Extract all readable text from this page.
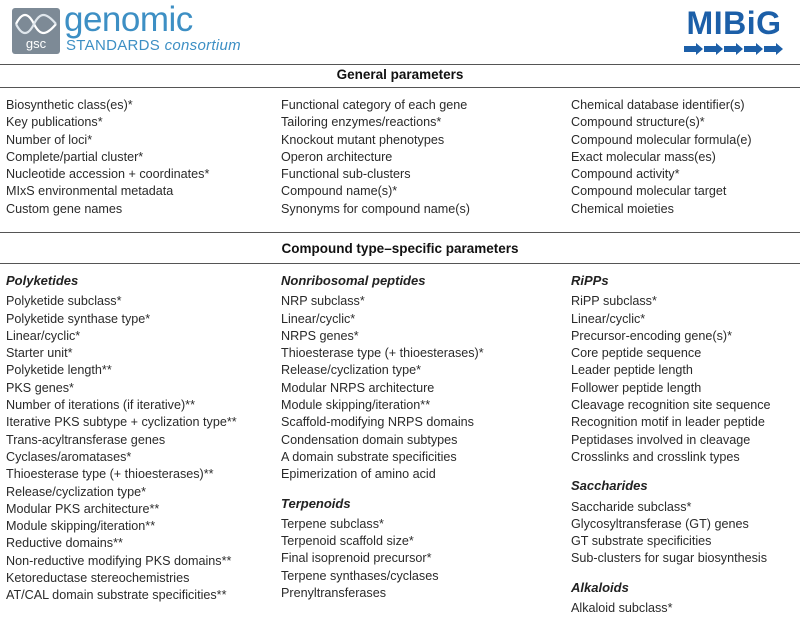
gsc
genomic
STANDARDS consortium
MIBiG
General parameters
Biosynthetic class(es)*
Key publications*
Number of loci*
Complete/partial cluster*
Nucleotide accession + coordinates*
MIxS environmental metadata
Custom gene names
Functional category of each gene
Tailoring enzymes/reactions*
Knockout mutant phenotypes
Operon architecture
Functional sub-clusters
Compound name(s)*
Synonyms for compound name(s)
Chemical database identifier(s)
Compound structure(s)*
Compound molecular formula(e)
Exact molecular mass(es)
Compound activity*
Compound molecular target
Chemical moieties
Compound type–specific parameters
Polyketides
Polyketide subclass*
Polyketide synthase type*
Linear/cyclic*
Starter unit*
Polyketide length**
PKS genes*
Number of iterations (if iterative)**
Iterative PKS subtype + cyclization type**
Trans-acyltransferase genes
Cyclases/aromatases*
Thioesterase type (+ thioesterases)**
Release/cyclization type*
Modular PKS architecture**
Module skipping/iteration**
Reductive domains**
Non-reductive modifying PKS domains**
Ketoreductase stereochemistries
AT/CAL domain substrate specificities**
Nonribosomal peptides
NRP subclass*
Linear/cyclic*
NRPS genes*
Thioesterase type (+ thioesterases)*
Release/cyclization type*
Modular NRPS architecture
Module skipping/iteration**
Scaffold-modifying NRPS domains
Condensation domain subtypes
A domain substrate specificities
Epimerization of amino acid
Terpenoids
Terpene subclass*
Terpenoid scaffold size*
Final isoprenoid precursor*
Terpene synthases/cyclases
Prenyltransferases
RiPPs
RiPP subclass*
Linear/cyclic*
Precursor-encoding gene(s)*
Core peptide sequence
Leader peptide length
Follower peptide length
Cleavage recognition site sequence
Recognition motif in leader peptide
Peptidases involved in cleavage
Crosslinks and crosslink types
Saccharides
Saccharide subclass*
Glycosyltransferase (GT) genes
GT substrate specificities
Sub-clusters for sugar biosynthesis
Alkaloids
Alkaloid subclass*
